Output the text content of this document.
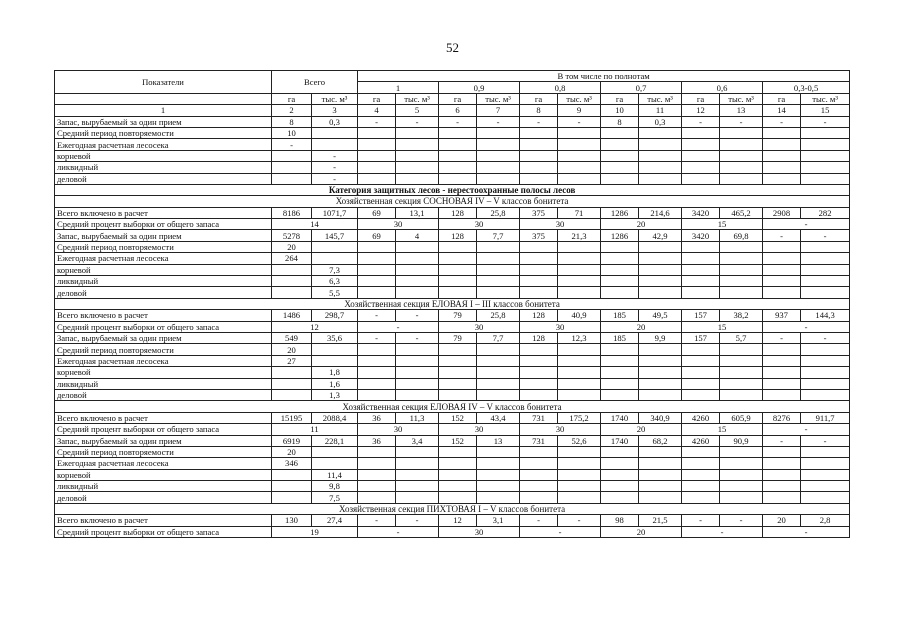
52
Показатели	Всего		В том числе по полнотам											
			1		0,9		0,8		0,7		0,6		0,3-0,5	
	га	тыс. м³	га	тыс. м³	га	тыс. м³	га	тыс. м³	га	тыс. м³	га	тыс. м³	га	тыс. м³
1	2	3	4	5	6	7	8	9	10	11	12	13	14	15
Запас, вырубаемый за один прием	8	0,3	-	-	-	-	-	-	8	0,3	-	-	-	-
Средний период повторяемости	10													
Ежегодная расчетная лесосека	-													
корневой		-												
ликвидный		-												
деловой		-												
Категория защитных лесов - нерестоохранные полосы лесов														
Хозяйственная секция СОСНОВАЯ IV – V классов бонитета														
Всего включено в расчет	8186	1071,7	69	13,1	128	25,8	375	71	1286	214,6	3420	465,2	2908	282
Средний процент выборки от общего запаса	14		30		30		30		20		15		-	
Запас, вырубаемый за один прием	5278	145,7	69	4	128	7,7	375	21,3	1286	42,9	3420	69,8	-	-
Средний период повторяемости	20													
Ежегодная расчетная лесосека	264													
корневой		7,3												
ликвидный		6,3												
деловой		5,5												
Хозяйственная секция ЕЛОВАЯ I – III классов бонитета														
Всего включено в расчет	1486	298,7	-	-	79	25,8	128	40,9	185	49,5	157	38,2	937	144,3
Средний процент выборки от общего запаса	12		-		30		30		20		15		-	
Запас, вырубаемый за один прием	549	35,6	-	-	79	7,7	128	12,3	185	9,9	157	5,7	-	-
Средний период повторяемости	20													
Ежегодная расчетная лесосека	27													
корневой		1,8												
ликвидный		1,6												
деловой		1,3												
Хозяйственная секция ЕЛОВАЯ IV – V классов бонитета														
Всего включено в расчет	15195	2088,4	36	11,3	152	43,4	731	175,2	1740	340,9	4260	605,9	8276	911,7
Средний процент выборки от общего запаса	11		30		30		30		20		15		-	
Запас, вырубаемый за один прием	6919	228,1	36	3,4	152	13	731	52,6	1740	68,2	4260	90,9	-	-
Средний период повторяемости	20													
Ежегодная расчетная лесосека	346													
корневой		11,4												
ликвидный		9,8												
деловой		7,5												
Хозяйственная секция ПИХТОВАЯ I – V классов бонитета														
Всего включено в расчет	130	27,4	-	-	12	3,1	-	-	98	21,5	-	-	20	2,8
Средний процент выборки от общего запаса	19		-		30		-		20		-		-	
